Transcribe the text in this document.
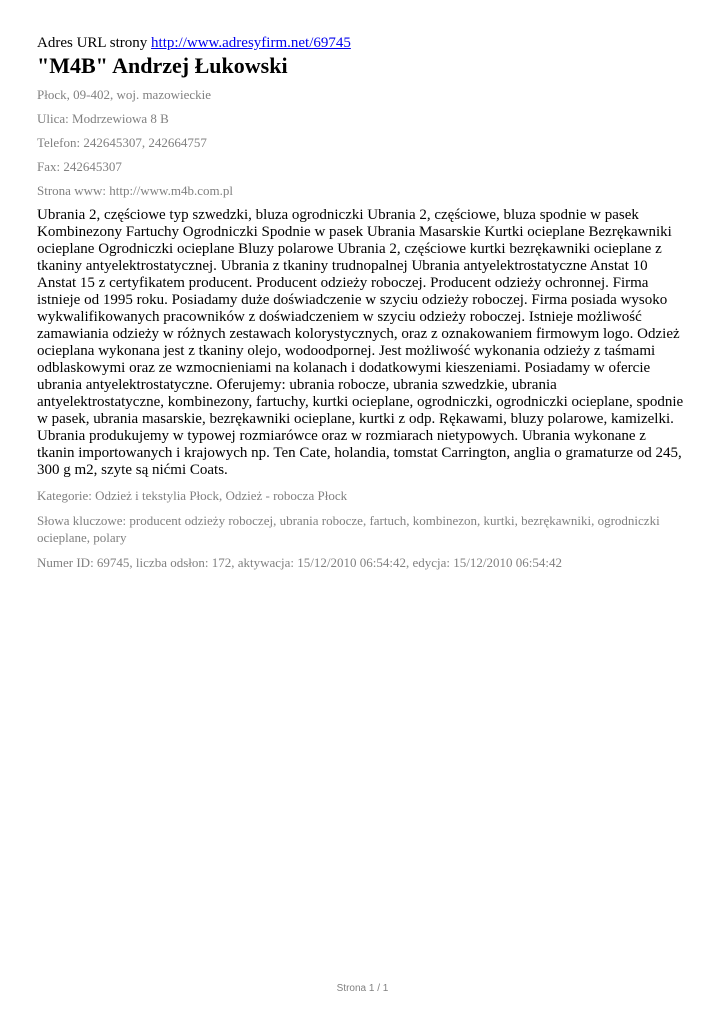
Adres URL strony http://www.adresyfirm.net/69745

"M4B" Andrzej Łukowski

Płock, 09-402, woj. mazowieckie

Ulica: Modrzewiowa 8 B

Telefon: 242645307, 242664757

Fax: 242645307

Strona www: http://www.m4b.com.pl

Ubrania 2, częściowe typ szwedzki, bluza ogrodniczki Ubrania 2, częściowe, bluza spodnie w pasek Kombinezony Fartuchy Ogrodniczki Spodnie w pasek Ubrania Masarskie Kurtki ocieplane Bezrękawniki ocieplane Ogrodniczki ocieplane Bluzy polarowe Ubrania 2, częściowe kurtki bezrękawniki ocieplane z tkaniny antyelektrostatycznej. Ubrania z tkaniny trudnopalnej Ubrania antyelektrostatyczne Anstat 10 Anstat 15 z certyfikatem producent. Producent odzieży roboczej. Producent odzieży ochronnej. Firma istnieje od 1995 roku. Posiadamy duże doświadczenie w szyciu odzieży roboczej. Firma posiada wysoko wykwalifikowanych pracowników z doświadczeniem w szyciu odzieży roboczej. Istnieje możliwość zamawiania odzieży w różnych zestawach kolorystycznych, oraz z oznakowaniem firmowym logo. Odzież ocieplana wykonana jest z tkaniny olejo, wodoodpornej. Jest możliwość wykonania odzieży z taśmami odblaskowymi oraz ze wzmocnieniami na kolanach i dodatkowymi kieszeniami. Posiadamy w ofercie ubrania antyelektrostatyczne. Oferujemy: ubrania robocze, ubrania szwedzkie, ubrania antyelektrostatyczne, kombinezony, fartuchy, kurtki ocieplane, ogrodniczki, ogrodniczki ocieplane, spodnie w pasek, ubrania masarskie, bezrękawniki ocieplane, kurtki z odp. Rękawami, bluzy polarowe, kamizelki. Ubrania produkujemy w typowej rozmiarówce oraz w rozmiarach nietypowych. Ubrania wykonane z tkanin importowanych i krajowych np. Ten Cate, holandia, tomstat Carrington, anglia o gramaturze od 245, 300 g m2, szyte są nićmi Coats.

Kategorie: Odzież i tekstylia Płock, Odzież - robocza Płock

Słowa kluczowe: producent odzieży roboczej, ubrania robocze, fartuch, kombinezon, kurtki, bezrękawniki, ogrodniczki ocieplane, polary

Numer ID: 69745, liczba odsłon: 172, aktywacja: 15/12/2010 06:54:42, edycja: 15/12/2010 06:54:42

Strona 1 / 1
